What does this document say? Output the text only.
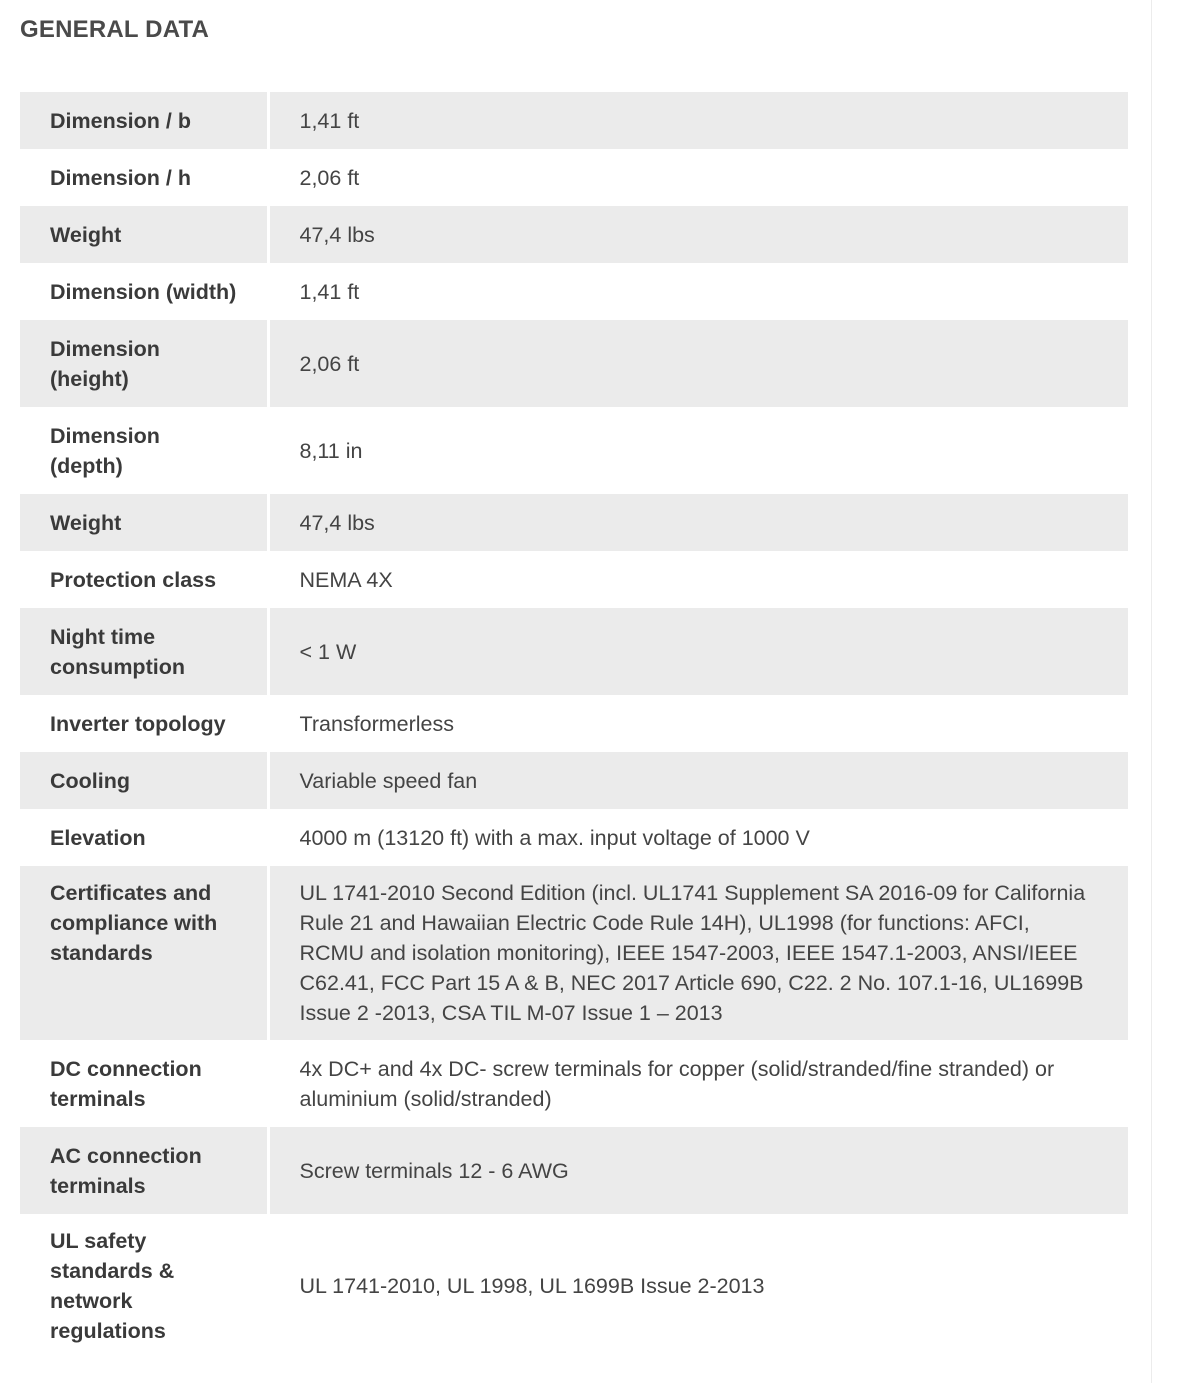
GENERAL DATA
Dimension / b	1,41 ft
Dimension / h	2,06 ft
Weight	47,4 lbs
Dimension (width)	1,41 ft
Dimension (height)	2,06 ft
Dimension (depth)	8,11 in
Weight	47,4 lbs
Protection class	NEMA 4X
Night time consumption	< 1 W
Inverter topology	Transformerless
Cooling	Variable speed fan
Elevation	4000 m (13120 ft) with a max. input voltage of 1000 V
Certificates and compliance with standards	UL 1741-2010 Second Edition (incl. UL1741 Supplement SA 2016-09 for California Rule 21 and Hawaiian Electric Code Rule 14H), UL1998 (for functions: AFCI, RCMU and isolation monitoring), IEEE 1547-2003, IEEE 1547.1-2003, ANSI/IEEE C62.41, FCC Part 15 A & B, NEC 2017 Article 690, C22. 2 No. 107.1-16, UL1699B Issue 2 -2013, CSA TIL M-07 Issue 1 – 2013
DC connection terminals	4x DC+ and 4x DC- screw terminals for copper (solid/stranded/fine stranded) or aluminium (solid/stranded)
AC connection terminals	Screw terminals 12 - 6 AWG
UL safety standards & network regulations	UL 1741-2010, UL 1998, UL 1699B Issue 2-2013
